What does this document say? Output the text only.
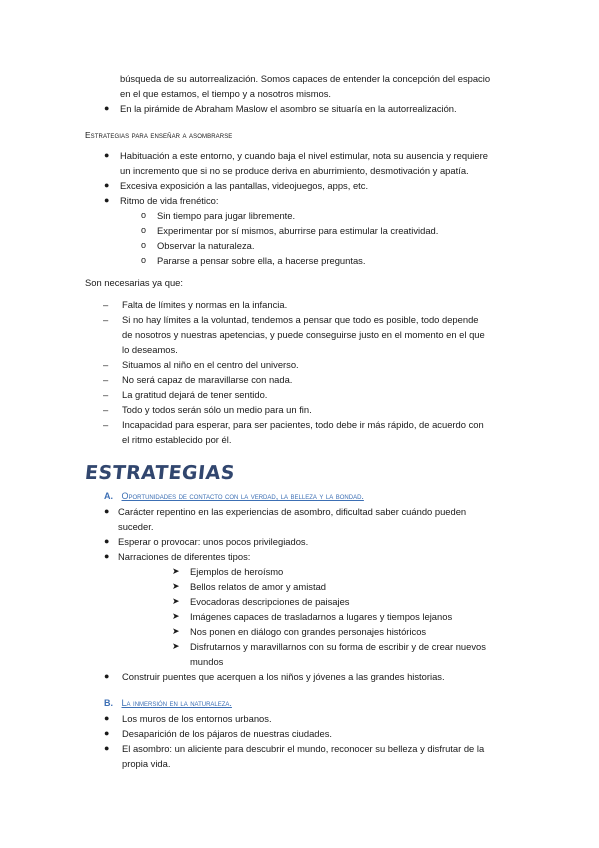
búsqueda de su autorrealización. Somos capaces de entender la concepción del espacio
en el que estamos, el tiempo y a nosotros mismos.
● En la pirámide de Abraham Maslow el asombro se situaría en la autorrealización.
Estrategias para enseñar a asombrarse
● Habituación a este entorno, y cuando baja el nivel estimular, nota su ausencia y requiere
un incremento que si no se produce deriva en aburrimiento, desmotivación y apatía.
● Excesiva exposición a las pantallas, videojuegos, apps, etc.
● Ritmo de vida frenético:
o Sin tiempo para jugar libremente.
o Experimentar por sí mismos, aburrirse para estimular la creatividad.
o Observar la naturaleza.
o Pararse a pensar sobre ella, a hacerse preguntas.
Son necesarias ya que:
– Falta de límites y normas en la infancia.
– Si no hay límites a la voluntad, tendemos a pensar que todo es posible, todo depende
de nosotros y nuestras apetencias, y puede conseguirse justo en el momento en el que
lo deseamos.
– Situamos al niño en el centro del universo.
– No será capaz de maravillarse con nada.
– La gratitud dejará de tener sentido.
– Todo y todos serán sólo un medio para un fin.
– Incapacidad para esperar, para ser pacientes, todo debe ir más rápido, de acuerdo con
el ritmo establecido por él.
ESTRATEGIAS
A. Oportunidades de contacto con la verdad, la belleza y la bondad.
● Carácter repentino en las experiencias de asombro, dificultad saber cuándo pueden
suceder.
● Esperar o provocar: unos pocos privilegiados.
● Narraciones de diferentes tipos:
➤ Ejemplos de heroísmo
➤ Bellos relatos de amor y amistad
➤ Evocadoras descripciones de paisajes
➤ Imágenes capaces de trasladarnos a lugares y tiempos lejanos
➤ Nos ponen en diálogo con grandes personajes históricos
➤ Disfrutarnos y maravillarnos con su forma de escribir y de crear nuevos
mundos
● Construir puentes que acerquen a los niños y jóvenes a las grandes historias.
B. La inmersión en la naturaleza.
● Los muros de los entornos urbanos.
● Desaparición de los pájaros de nuestras ciudades.
● El asombro: un aliciente para descubrir el mundo, reconocer su belleza y disfrutar de la
propia vida.
